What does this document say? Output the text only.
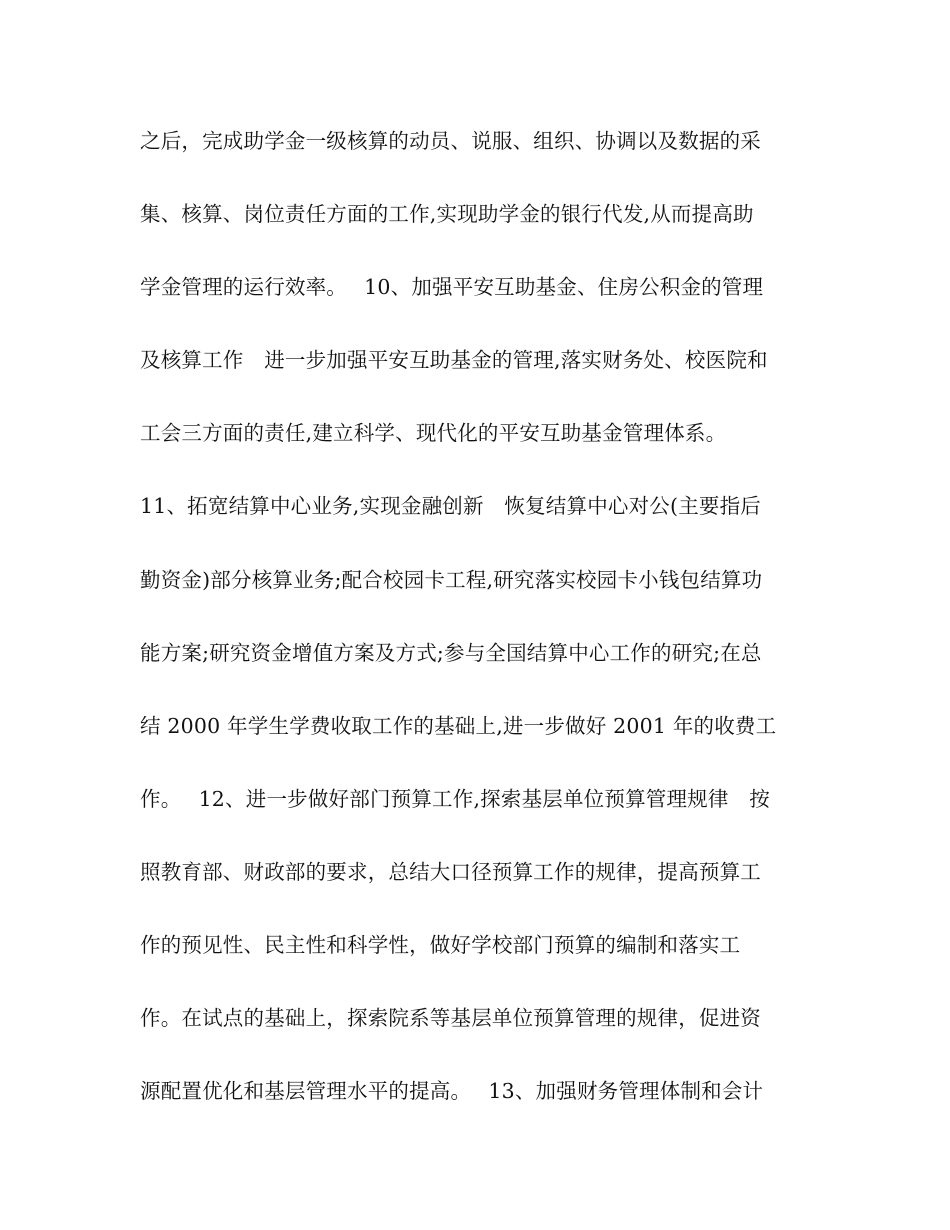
之后，完成助学金一级核算的动员、说服、组织、协调以及数据的采
集、核算、岗位责任方面的工作,实现助学金的银行代发,从而提高助
学金管理的运行效率。　 10、加强平安互助基金、住房公积金的管理
及核算工作　进一步加强平安互助基金的管理,落实财务处、校医院和
工会三方面的责任,建立科学、现代化的平安互助基金管理体系。
11、拓宽结算中心业务,实现金融创新　恢复结算中心对公(主要指后
勤资金)部分核算业务;配合校园卡工程,研究落实校园卡小钱包结算功
能方案;研究资金增值方案及方式;参与全国结算中心工作的研究;在总
结 2000 年学生学费收取工作的基础上,进一步做好 2001 年的收费工
作。　 12、进一步做好部门预算工作,探索基层单位预算管理规律　按
照教育部、财政部的要求，总结大口径预算工作的规律，提高预算工
作的预见性、民主性和科学性，做好学校部门预算的编制和落实工
作。在试点的基础上，探索院系等基层单位预算管理的规律，促进资
源配置优化和基层管理水平的提高。　 13、加强财务管理体制和会计
